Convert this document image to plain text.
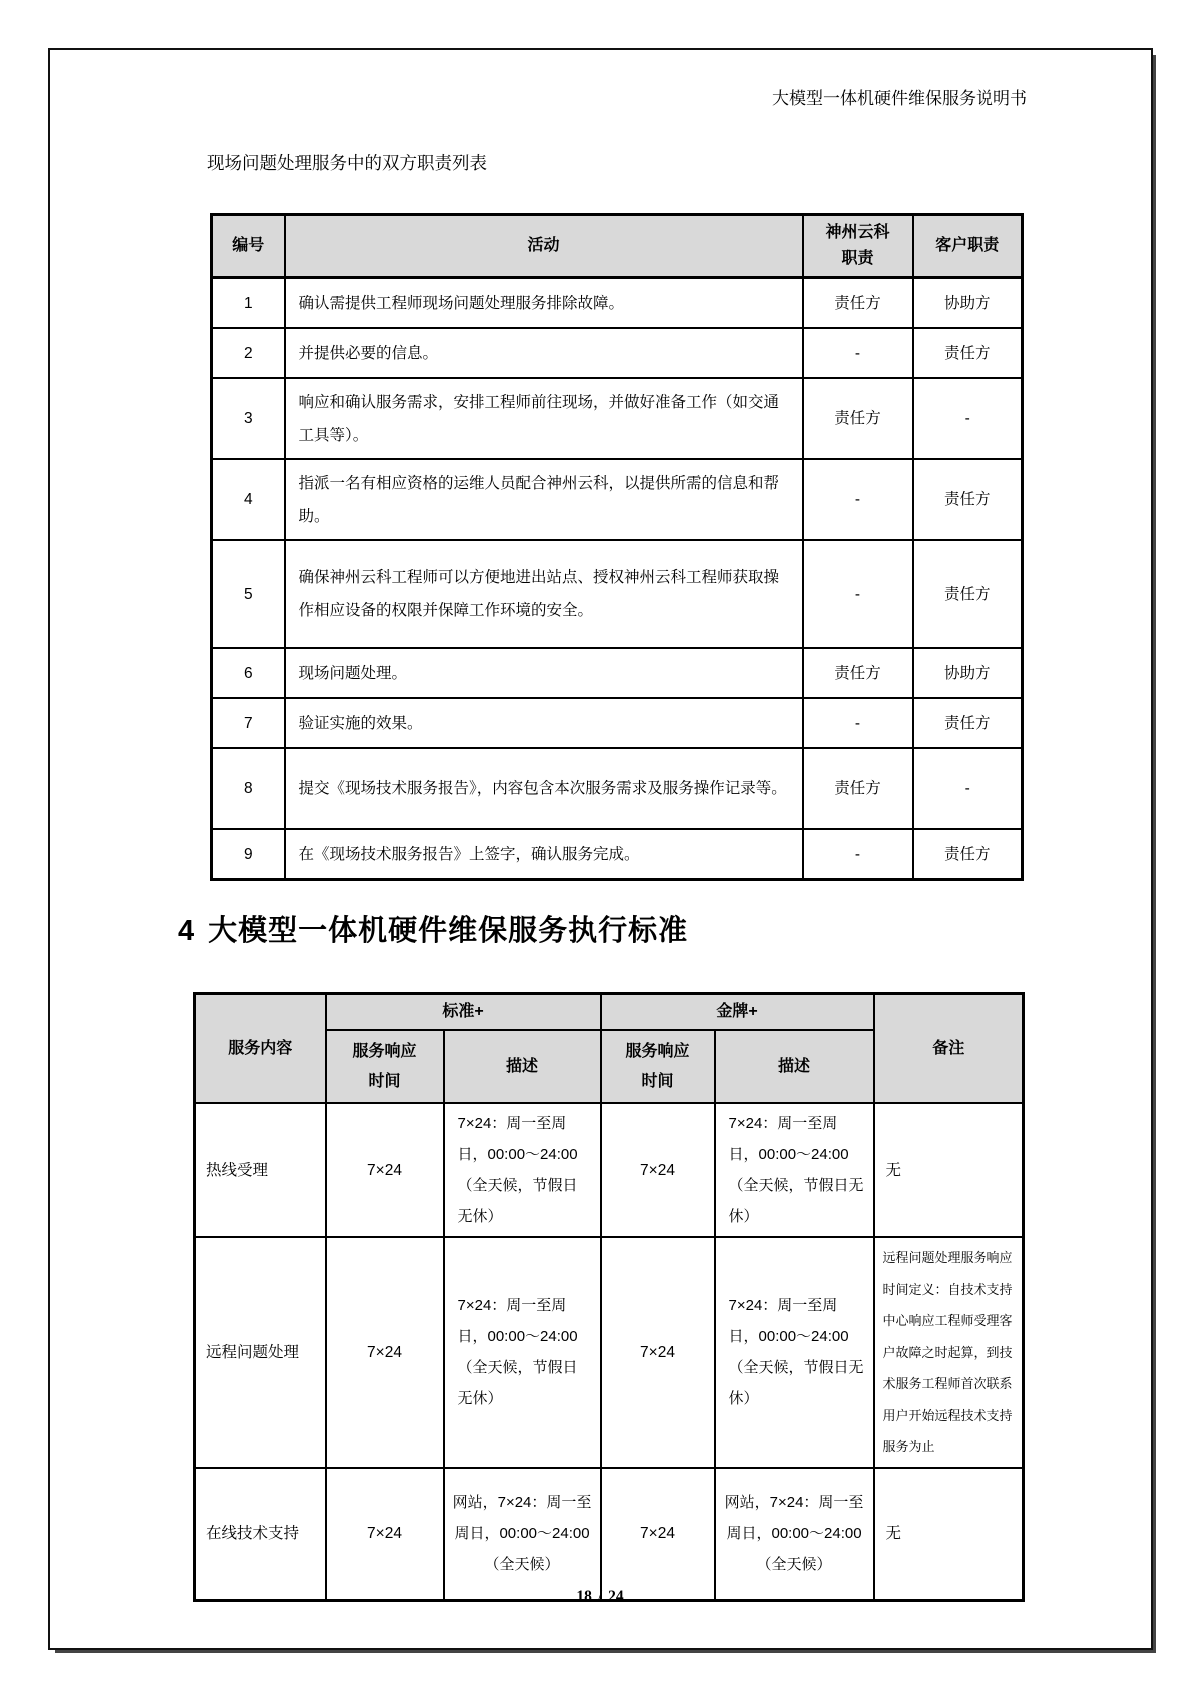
大模型一体机硬件维保服务说明书
现场问题处理服务中的双方职责列表
编号	活动	神州云科职责	客户职责
1	确认需提供工程师现场问题处理服务排除故障。	责任方	协助方
2	并提供必要的信息。	-	责任方
3	响应和确认服务需求，安排工程师前往现场，并做好准备工作（如交通工具等）。	责任方	-
4	指派一名有相应资格的运维人员配合神州云科，以提供所需的信息和帮助。	-	责任方
5	确保神州云科工程师可以方便地进出站点、授权神州云科工程师获取操作相应设备的权限并保障工作环境的安全。	-	责任方
6	现场问题处理。	责任方	协助方
7	验证实施的效果。	-	责任方
8	提交《现场技术服务报告》，内容包含本次服务需求及服务操作记录等。	责任方	-
9	在《现场技术服务报告》上签字，确认服务完成。	-	责任方
4 大模型一体机硬件维保服务执行标准
服务内容	标准+		金牌+		备注
	服务响应时间	描述	服务响应时间	描述	
热线受理	7×24	7×24：周一至周日，00:00～24:00（全天候，节假日无休）	7×24	7×24：周一至周日，00:00～24:00（全天候，节假日无休）	无
远程问题处理	7×24	7×24：周一至周日，00:00～24:00（全天候，节假日无休）	7×24	7×24：周一至周日，00:00～24:00（全天候，节假日无休）	远程问题处理服务响应时间定义：自技术支持中心响应工程师受理客户故障之时起算，到技术服务工程师首次联系用户开始远程技术支持服务为止
在线技术支持	7×24	网站，7×24：周一至周日，00:00～24:00（全天候）	7×24	网站，7×24：周一至周日，00:00～24:00（全天候）	无
18 / 24
